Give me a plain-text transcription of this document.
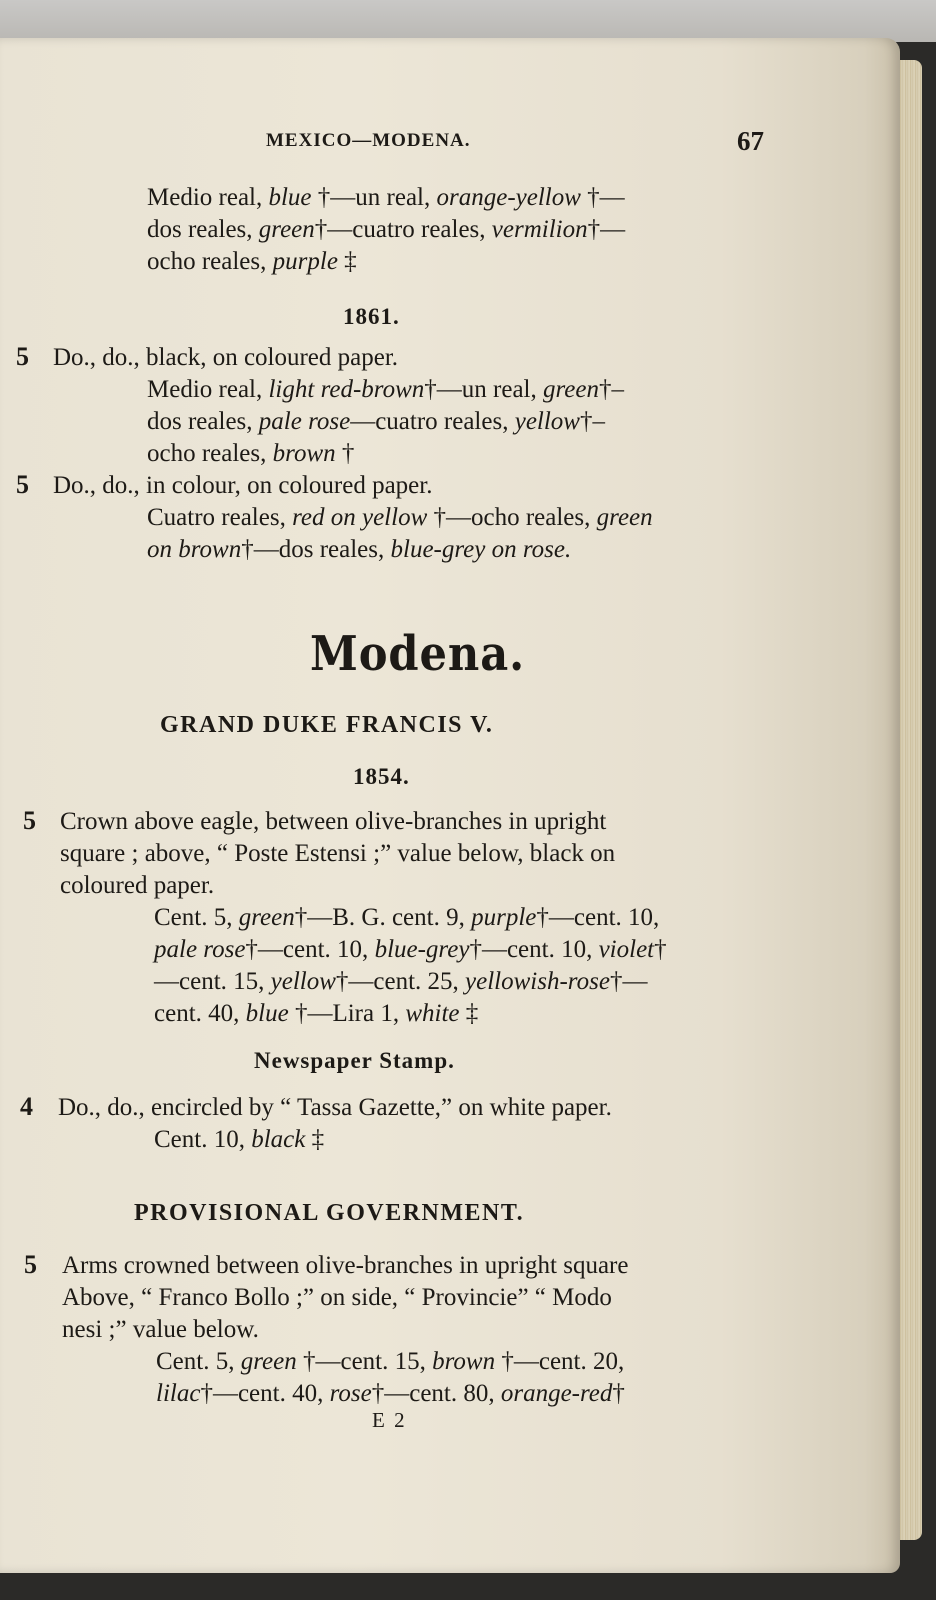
MEXICO—MODENA.	67
Medio real, blue †—un real, orange-yellow †—
dos reales, green†—cuatro reales, vermilion†—
ocho reales, purple ‡
1861.
5 Do., do., black, on coloured paper.
Medio real, light red-brown†—un real, green†–
dos reales, pale rose—cuatro reales, yellow†–
ocho reales, brown †
5 Do., do., in colour, on coloured paper.
Cuatro reales, red on yellow †—ocho reales, green
on brown†—dos reales, blue-grey on rose.
Modena.
GRAND DUKE FRANCIS V.
1854.
5 Crown above eagle, between olive-branches in upright
square ; above, “ Poste Estensi ;” value below, black on
coloured paper.
Cent. 5, green†—B. G. cent. 9, purple†—cent. 10,
pale rose†—cent. 10, blue-grey†—cent. 10, violet†
—cent. 15, yellow†—cent. 25, yellowish-rose†—
cent. 40, blue †—Lira 1, white ‡
Newspaper Stamp.
4 Do., do., encircled by “ Tassa Gazette,” on white paper.
Cent. 10, black ‡
PROVISIONAL GOVERNMENT.
5 Arms crowned between olive-branches in upright square
Above, “ Franco Bollo ;” on side, “ Provincie” “ Modo
nesi ;” value below.
Cent. 5, green †—cent. 15, brown †—cent. 20,
lilac†—cent. 40, rose†—cent. 80, orange-red†
E 2
